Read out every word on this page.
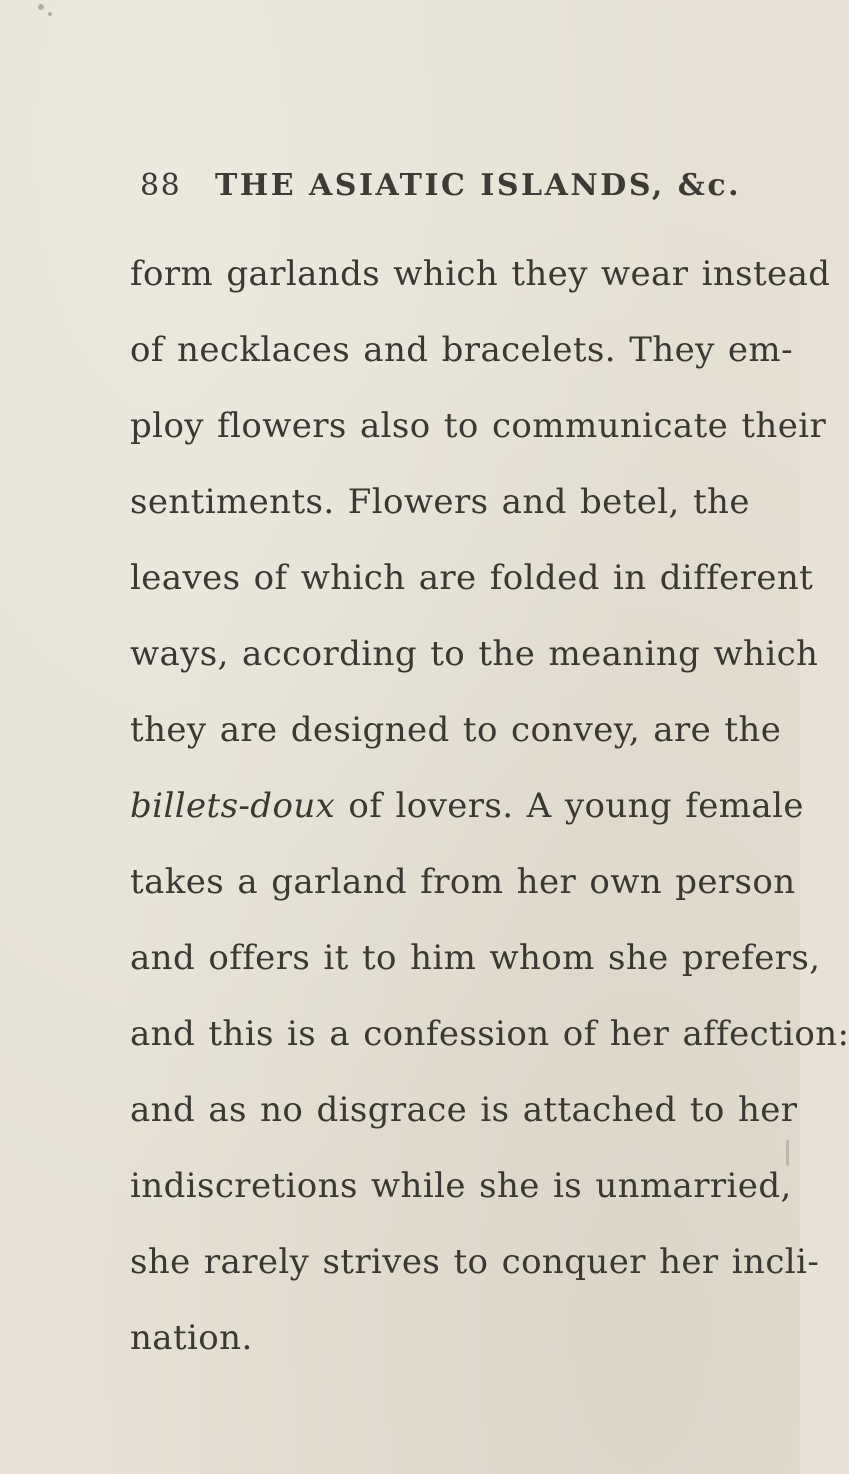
88 THE ASIATIC ISLANDS, &c.
form garlands which they wear instead
of necklaces and bracelets. They em-
ploy flowers also to communicate their
sentiments. Flowers and betel, the
leaves of which are folded in different
ways, according to the meaning which
they are designed to convey, are the
billets-doux of lovers. A young female
takes a garland from her own person
and offers it to him whom she prefers,
and this is a confession of her affection:
and as no disgrace is attached to her
indiscretions while she is unmarried,
she rarely strives to conquer her incli-
nation.
